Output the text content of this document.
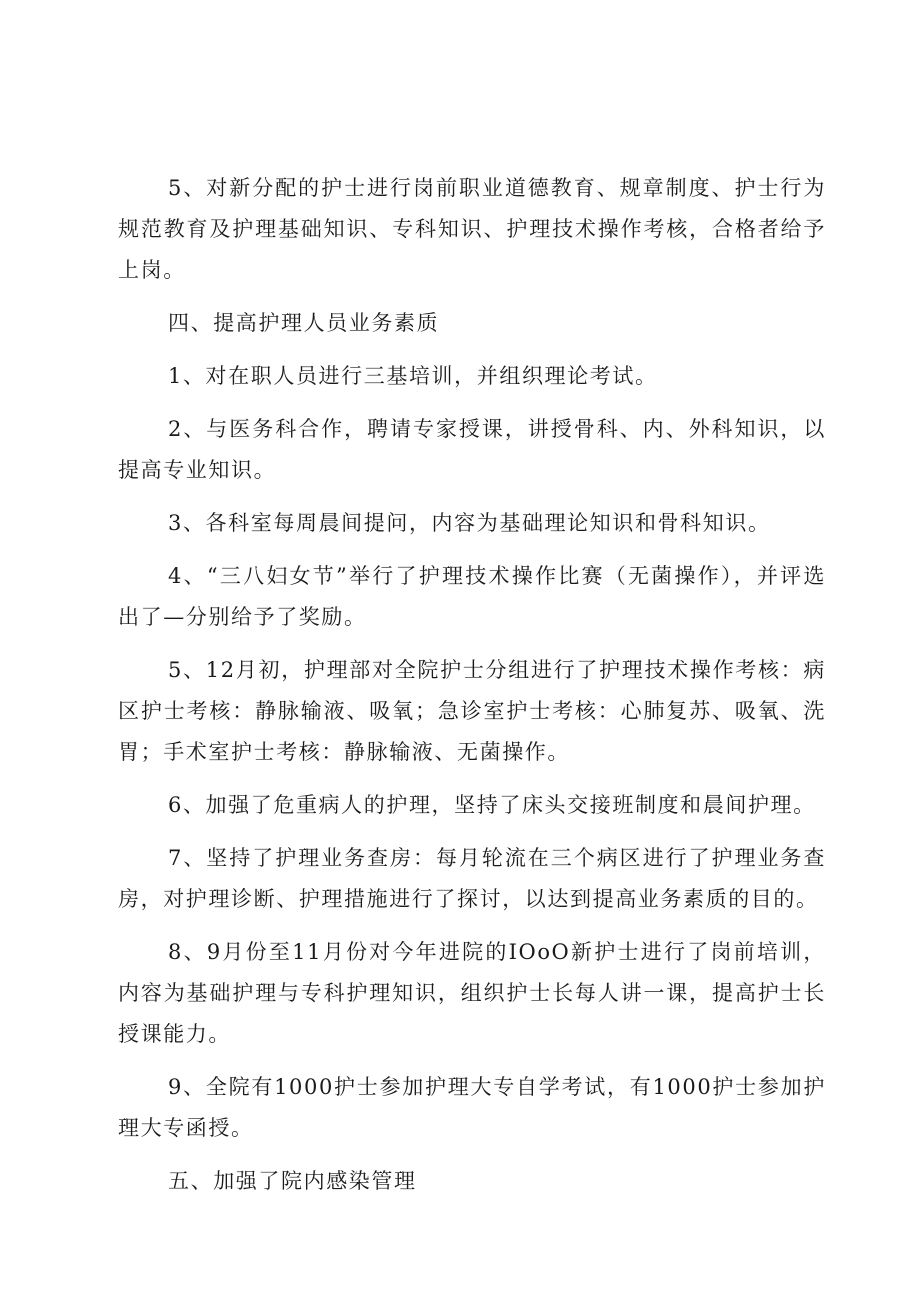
5、对新分配的护士进行岗前职业道德教育、规章制度、护士行为规范教育及护理基础知识、专科知识、护理技术操作考核，合格者给予上岗。

四、提高护理人员业务素质

1、对在职人员进行三基培训，并组织理论考试。

2、与医务科合作，聘请专家授课，讲授骨科、内、外科知识，以提高专业知识。

3、各科室每周晨间提问，内容为基础理论知识和骨科知识。

4、“三八妇女节”举行了护理技术操作比赛（无菌操作），并评选出了—分别给予了奖励。

5、12月初，护理部对全院护士分组进行了护理技术操作考核：病区护士考核：静脉输液、吸氧；急诊室护士考核：心肺复苏、吸氧、洗胃；手术室护士考核：静脉输液、无菌操作。

6、加强了危重病人的护理，坚持了床头交接班制度和晨间护理。

7、坚持了护理业务查房：每月轮流在三个病区进行了护理业务查房，对护理诊断、护理措施进行了探讨，以达到提高业务素质的目的。

8、9月份至11月份对今年进院的IOoO新护士进行了岗前培训，内容为基础护理与专科护理知识，组织护士长每人讲一课，提高护士长授课能力。

9、全院有1000护士参加护理大专自学考试，有1000护士参加护理大专函授。

五、加强了院内感染管理
